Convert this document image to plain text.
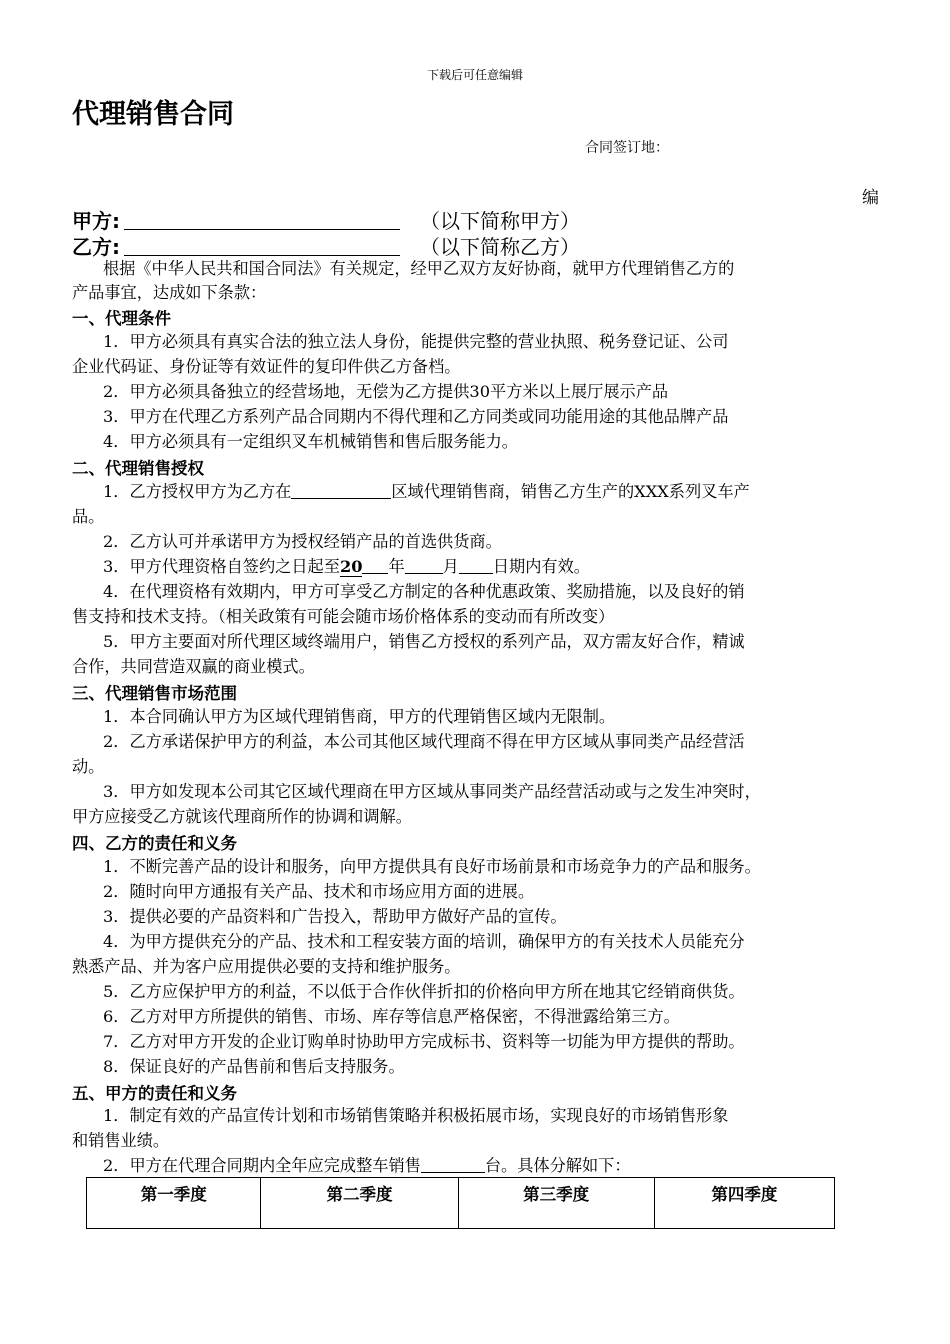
下载后可任意编辑
代理销售合同
合同签订地：
编
甲方:	（以下简称甲方）
乙方:	（以下简称乙方）
根据《中华人民共和国合同法》有关规定，经甲乙双方友好协商，就甲方代理销售乙方的
产品事宜，达成如下条款：
一、代理条件
1．甲方必须具有真实合法的独立法人身份，能提供完整的营业执照、税务登记证、公司
企业代码证、身份证等有效证件的复印件供乙方备档。
2．甲方必须具备独立的经营场地，无偿为乙方提供30平方米以上展厅展示产品
3．甲方在代理乙方系列产品合同期内不得代理和乙方同类或同功能用途的其他品牌产品
4．甲方必须具有一定组织叉车机械销售和售后服务能力。
二、代理销售授权
1．乙方授权甲方为乙方在	区域代理销售商，销售乙方生产的XXX系列叉车产
品。
2．乙方认可并承诺甲方为授权经销产品的首选供货商。
3．甲方代理资格自签约之日起至20 年 月 日期内有效。
4．在代理资格有效期内，甲方可享受乙方制定的各种优惠政策、奖励措施，以及良好的销
售支持和技术支持。（相关政策有可能会随市场价格体系的变动而有所改变）
5．甲方主要面对所代理区域终端用户，销售乙方授权的系列产品，双方需友好合作，精诚
合作，共同营造双赢的商业模式。
三、代理销售市场范围
1．本合同确认甲方为区域代理销售商，甲方的代理销售区域内无限制。
2．乙方承诺保护甲方的利益，本公司其他区域代理商不得在甲方区域从事同类产品经营活
动。
3．甲方如发现本公司其它区域代理商在甲方区域从事同类产品经营活动或与之发生冲突时，
甲方应接受乙方就该代理商所作的协调和调解。
四、乙方的责任和义务
1．不断完善产品的设计和服务，向甲方提供具有良好市场前景和市场竞争力的产品和服务。
2．随时向甲方通报有关产品、技术和市场应用方面的进展。
3．提供必要的产品资料和广告投入，帮助甲方做好产品的宣传。
4．为甲方提供充分的产品、技术和工程安装方面的培训，确保甲方的有关技术人员能充分
熟悉产品、并为客户应用提供必要的支持和维护服务。
5．乙方应保护甲方的利益，不以低于合作伙伴折扣的价格向甲方所在地其它经销商供货。
6．乙方对甲方所提供的销售、市场、库存等信息严格保密，不得泄露给第三方。
7．乙方对甲方开发的企业订购单时协助甲方完成标书、资料等一切能为甲方提供的帮助。
8．保证良好的产品售前和售后支持服务。
五、甲方的责任和义务
1．制定有效的产品宣传计划和市场销售策略并积极拓展市场，实现良好的市场销售形象
和销售业绩。
2．甲方在代理合同期内全年应完成整车销售	台。具体分解如下：
第一季度	第二季度	第三季度	第四季度
